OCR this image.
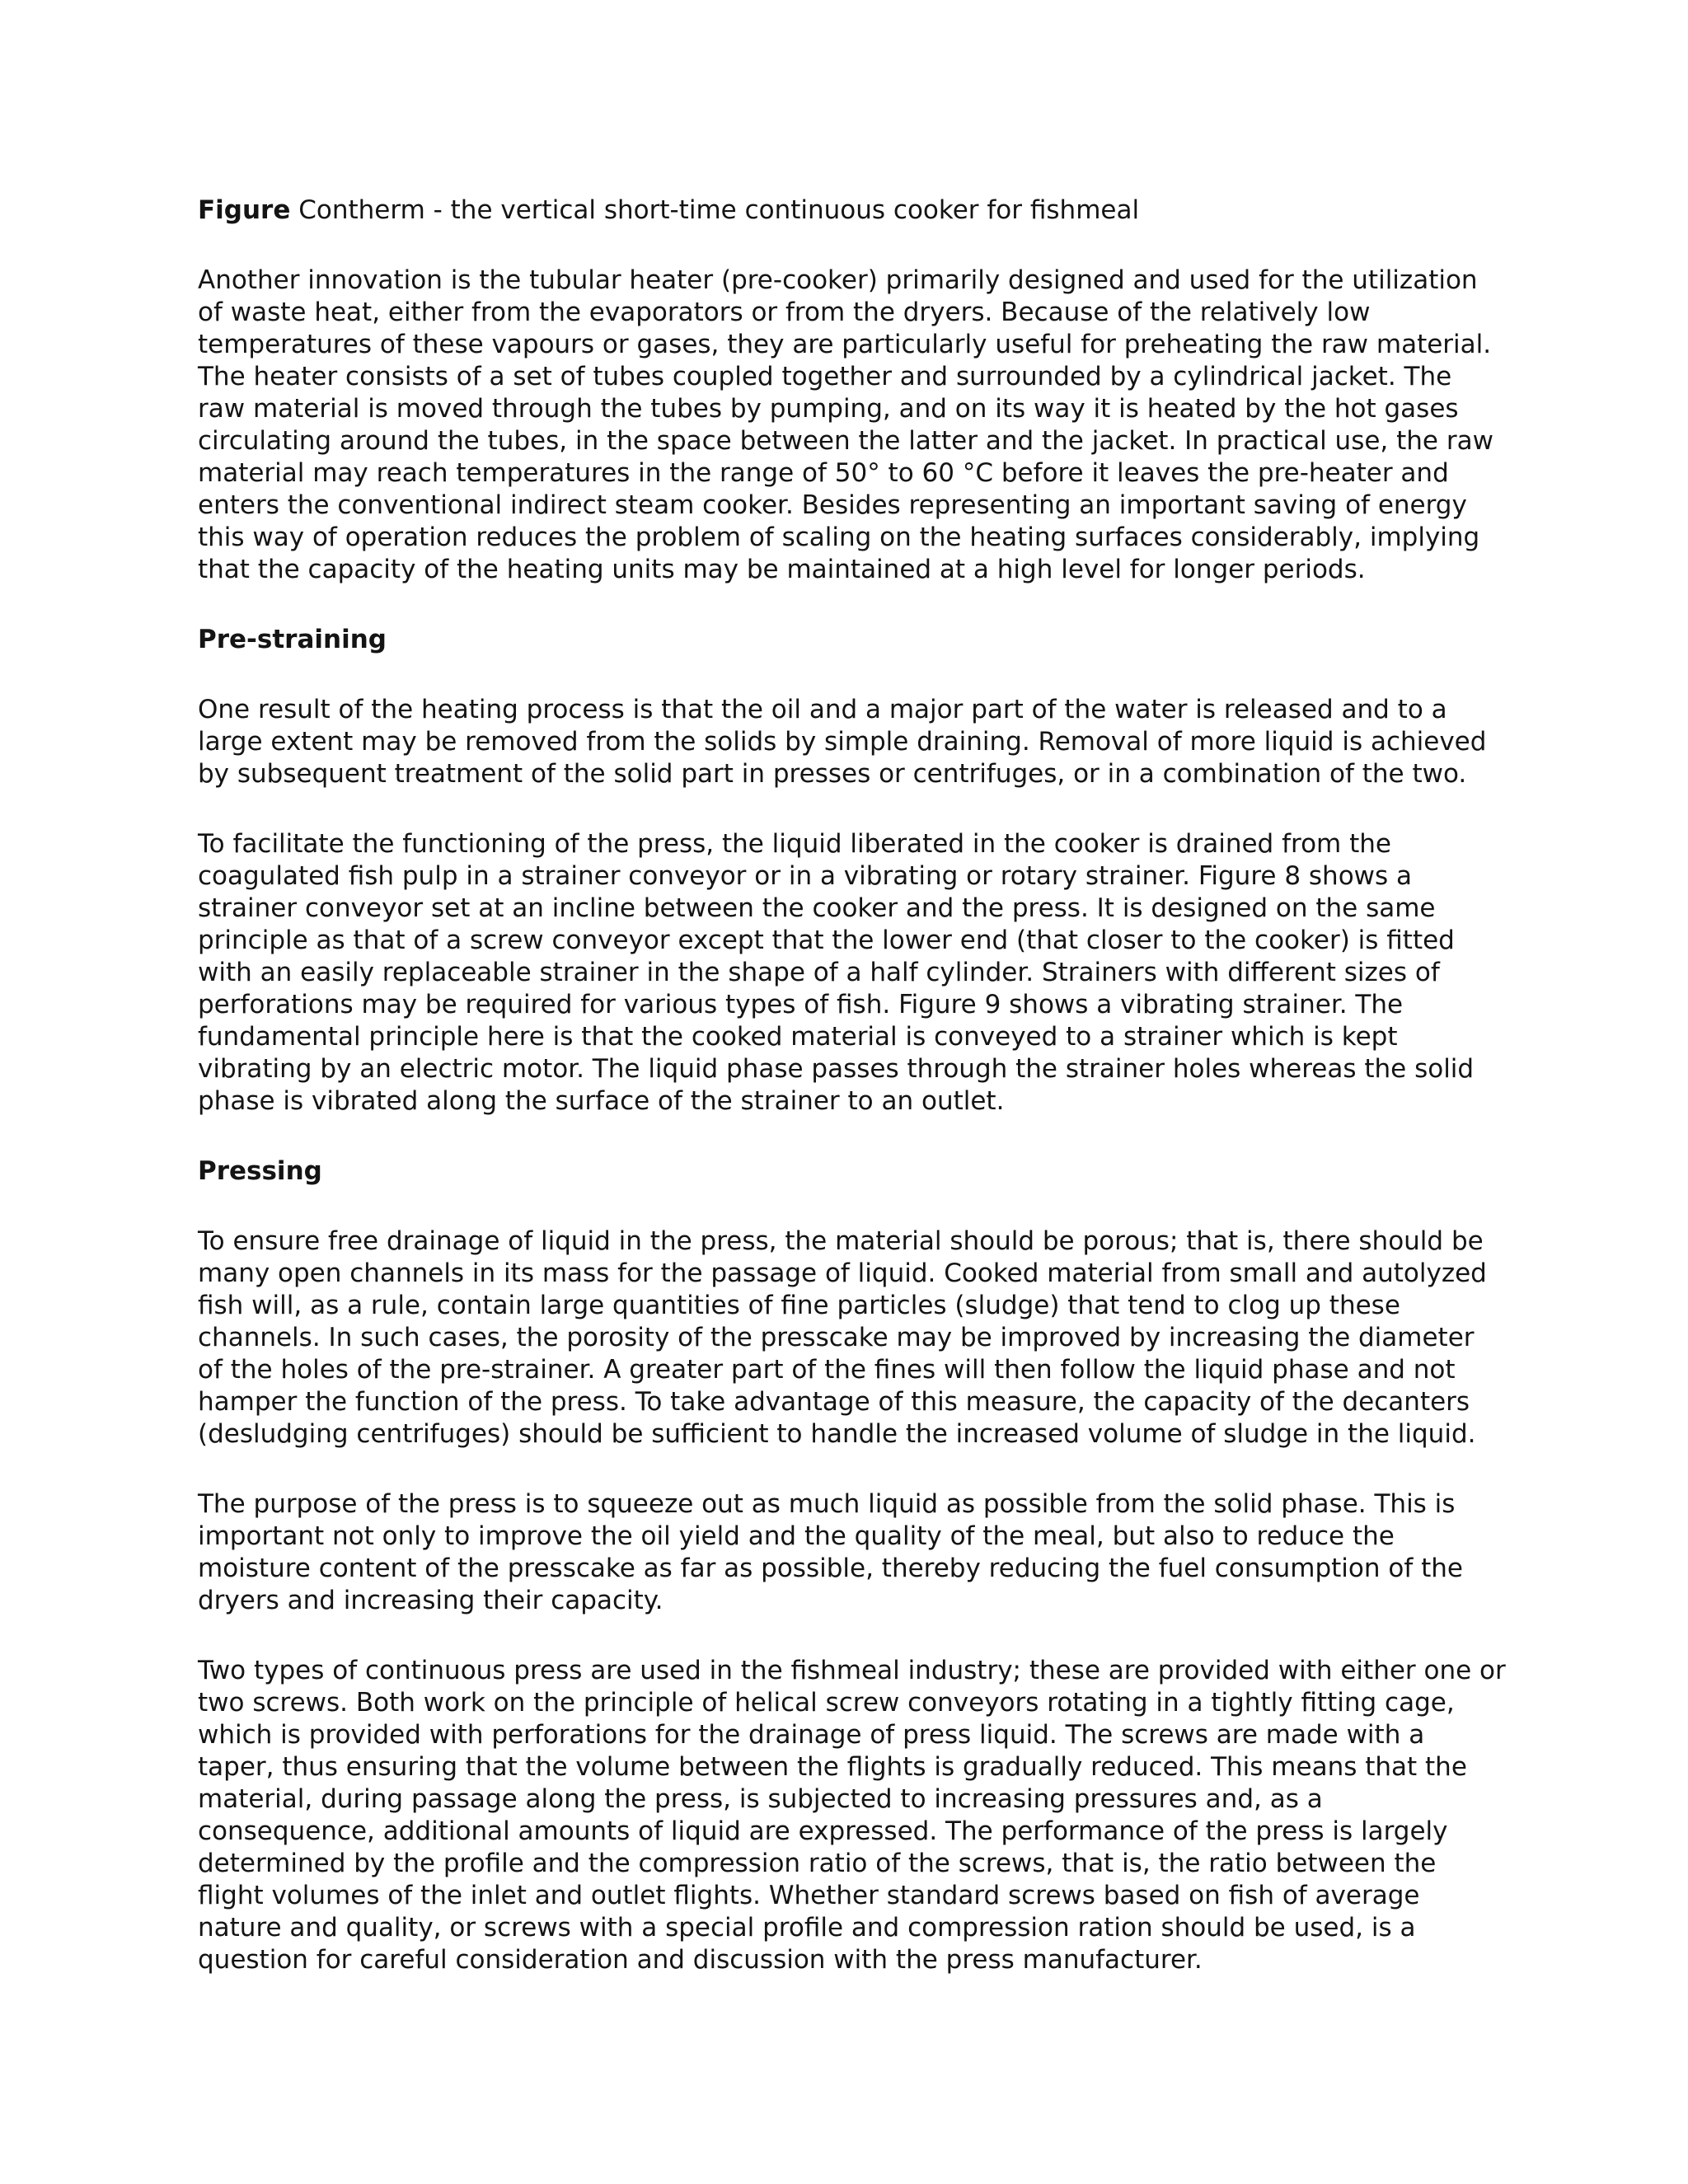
Figure Contherm - the vertical short-time continuous cooker for fishmeal

Another innovation is the tubular heater (pre-cooker) primarily designed and used for the utilization of waste heat, either from the evaporators or from the dryers. Because of the relatively low temperatures of these vapours or gases, they are particularly useful for preheating the raw material. The heater consists of a set of tubes coupled together and surrounded by a cylindrical jacket. The raw material is moved through the tubes by pumping, and on its way it is heated by the hot gases circulating around the tubes, in the space between the latter and the jacket. In practical use, the raw material may reach temperatures in the range of 50° to 60 °C before it leaves the pre-heater and enters the conventional indirect steam cooker. Besides representing an important saving of energy this way of operation reduces the problem of scaling on the heating surfaces considerably, implying that the capacity of the heating units may be maintained at a high level for longer periods.

Pre-straining

One result of the heating process is that the oil and a major part of the water is released and to a large extent may be removed from the solids by simple draining. Removal of more liquid is achieved by subsequent treatment of the solid part in presses or centrifuges, or in a combination of the two.

To facilitate the functioning of the press, the liquid liberated in the cooker is drained from the coagulated fish pulp in a strainer conveyor or in a vibrating or rotary strainer. Figure 8 shows a strainer conveyor set at an incline between the cooker and the press. It is designed on the same principle as that of a screw conveyor except that the lower end (that closer to the cooker) is fitted with an easily replaceable strainer in the shape of a half cylinder. Strainers with different sizes of perforations may be required for various types of fish. Figure 9 shows a vibrating strainer. The fundamental principle here is that the cooked material is conveyed to a strainer which is kept vibrating by an electric motor. The liquid phase passes through the strainer holes whereas the solid phase is vibrated along the surface of the strainer to an outlet.

Pressing

To ensure free drainage of liquid in the press, the material should be porous; that is, there should be many open channels in its mass for the passage of liquid. Cooked material from small and autolyzed fish will, as a rule, contain large quantities of fine particles (sludge) that tend to clog up these channels. In such cases, the porosity of the presscake may be improved by increasing the diameter of the holes of the pre-strainer. A greater part of the fines will then follow the liquid phase and not hamper the function of the press. To take advantage of this measure, the capacity of the decanters (desludging centrifuges) should be sufficient to handle the increased volume of sludge in the liquid.

The purpose of the press is to squeeze out as much liquid as possible from the solid phase. This is important not only to improve the oil yield and the quality of the meal, but also to reduce the moisture content of the presscake as far as possible, thereby reducing the fuel consumption of the dryers and increasing their capacity.

Two types of continuous press are used in the fishmeal industry; these are provided with either one or two screws. Both work on the principle of helical screw conveyors rotating in a tightly fitting cage, which is provided with perforations for the drainage of press liquid. The screws are made with a taper, thus ensuring that the volume between the flights is gradually reduced. This means that the material, during passage along the press, is subjected to increasing pressures and, as a consequence, additional amounts of liquid are expressed. The performance of the press is largely determined by the profile and the compression ratio of the screws, that is, the ratio between the flight volumes of the inlet and outlet flights. Whether standard screws based on fish of average nature and quality, or screws with a special profile and compression ration should be used, is a question for careful consideration and discussion with the press manufacturer.
